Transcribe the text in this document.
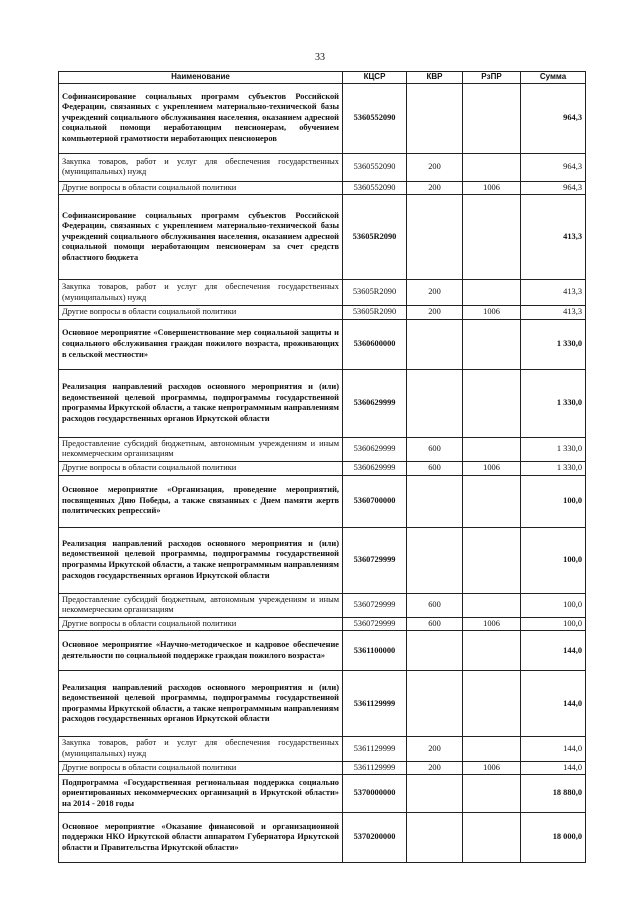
33
Наименование	КЦСР	КВР	РзПР	Сумма
Софинансирование социальных программ субъектов Российской Федерации, связанных с укреплением материально-технической базы учреждений социального обслуживания населения, оказанием адресной социальной помощи неработающим пенсионерам, обучением компьютерной грамотности неработающих пенсионеров	5360552090			964,3
Закупка товаров, работ и услуг для обеспечения государственных (муниципальных) нужд	5360552090	200		964,3
Другие вопросы в области социальной политики	5360552090	200	1006	964,3
Софинансирование социальных программ субъектов Российской Федерации, связанных с укреплением материально-технической базы учреждений социального обслуживания населения, оказанием адресной социальной помощи неработающим пенсионерам за счет средств областного бюджета	53605R2090			413,3
Закупка товаров, работ и услуг для обеспечения государственных (муниципальных) нужд	53605R2090	200		413,3
Другие вопросы в области социальной политики	53605R2090	200	1006	413,3
Основное мероприятие «Совершенствование мер социальной защиты и социального обслуживания граждан пожилого возраста, проживающих в сельской местности»	5360600000			1 330,0
Реализация направлений расходов основного мероприятия и (или) ведомственной целевой программы, подпрограммы государственной программы Иркутской области, а также непрограммным направлениям расходов государственных органов Иркутской области	5360629999			1 330,0
Предоставление субсидий бюджетным, автономным учреждениям и иным некоммерческим организациям	5360629999	600		1 330,0
Другие вопросы в области социальной политики	5360629999	600	1006	1 330,0
Основное мероприятие «Организация, проведение мероприятий, посвященных Дню Победы, а также связанных с Днем памяти жертв политических репрессий»	5360700000			100,0
Реализация направлений расходов основного мероприятия и (или) ведомственной целевой программы, подпрограммы государственной программы Иркутской области, а также непрограммным направлениям расходов государственных органов Иркутской области	5360729999			100,0
Предоставление субсидий бюджетным, автономным учреждениям и иным некоммерческим организациям	5360729999	600		100,0
Другие вопросы в области социальной политики	5360729999	600	1006	100,0
Основное мероприятие «Научно-методическое и кадровое обеспечение деятельности по социальной поддержке граждан пожилого возраста»	5361100000			144,0
Реализация направлений расходов основного мероприятия и (или) ведомственной целевой программы, подпрограммы государственной программы Иркутской области, а также непрограммным направлениям расходов государственных органов Иркутской области	5361129999			144,0
Закупка товаров, работ и услуг для обеспечения государственных (муниципальных) нужд	5361129999	200		144,0
Другие вопросы в области социальной политики	5361129999	200	1006	144,0
Подпрограмма «Государственная региональная поддержка социально ориентированных некоммерческих организаций в Иркутской области» на 2014 - 2018 годы	5370000000			18 880,0
Основное мероприятие «Оказание финансовой и организационной поддержки НКО Иркутской области аппаратом Губернатора Иркутской области и Правительства Иркутской области»	5370200000			18 000,0
